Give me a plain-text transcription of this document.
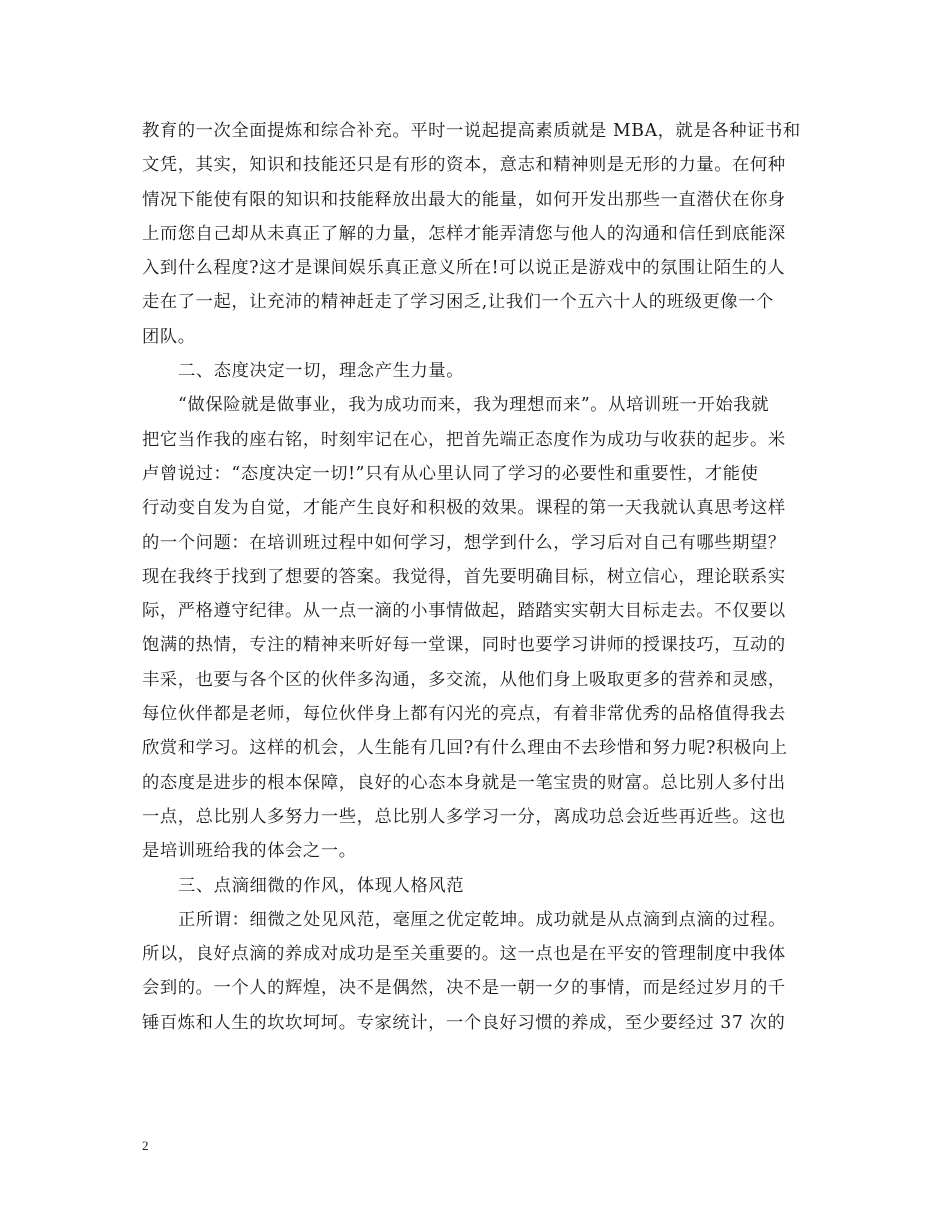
教育的一次全面提炼和综合补充。平时一说起提高素质就是 MBA，就是各种证书和
文凭，其实，知识和技能还只是有形的资本，意志和精神则是无形的力量。在何种
情况下能使有限的知识和技能释放出最大的能量，如何开发出那些一直潜伏在你身
上而您自己却从未真正了解的力量，怎样才能弄清您与他人的沟通和信任到底能深
入到什么程度?这才是课间娱乐真正意义所在!可以说正是游戏中的氛围让陌生的人
走在了一起，让充沛的精神赶走了学习困乏,让我们一个五六十人的班级更像一个
团队。
二、态度决定一切，理念产生力量。
“做保险就是做事业，我为成功而来，我为理想而来”。从培训班一开始我就
把它当作我的座右铭，时刻牢记在心，把首先端正态度作为成功与收获的起步。米
卢曾说过：“态度决定一切!”只有从心里认同了学习的必要性和重要性，才能使
行动变自发为自觉，才能产生良好和积极的效果。课程的第一天我就认真思考这样
的一个问题：在培训班过程中如何学习，想学到什么，学习后对自己有哪些期望？
现在我终于找到了想要的答案。我觉得，首先要明确目标，树立信心，理论联系实
际，严格遵守纪律。从一点一滴的小事情做起，踏踏实实朝大目标走去。不仅要以
饱满的热情，专注的精神来听好每一堂课，同时也要学习讲师的授课技巧，互动的
丰采，也要与各个区的伙伴多沟通，多交流，从他们身上吸取更多的营养和灵感，
每位伙伴都是老师，每位伙伴身上都有闪光的亮点，有着非常优秀的品格值得我去
欣赏和学习。这样的机会，人生能有几回?有什么理由不去珍惜和努力呢?积极向上
的态度是进步的根本保障，良好的心态本身就是一笔宝贵的财富。总比别人多付出
一点，总比别人多努力一些，总比别人多学习一分，离成功总会近些再近些。这也
是培训班给我的体会之一。
三、点滴细微的作风，体现人格风范
正所谓：细微之处见风范，毫厘之优定乾坤。成功就是从点滴到点滴的过程。
所以，良好点滴的养成对成功是至关重要的。这一点也是在平安的管理制度中我体
会到的。一个人的辉煌，决不是偶然，决不是一朝一夕的事情，而是经过岁月的千
锤百炼和人生的坎坎坷坷。专家统计，一个良好习惯的养成，至少要经过 37 次的
2
